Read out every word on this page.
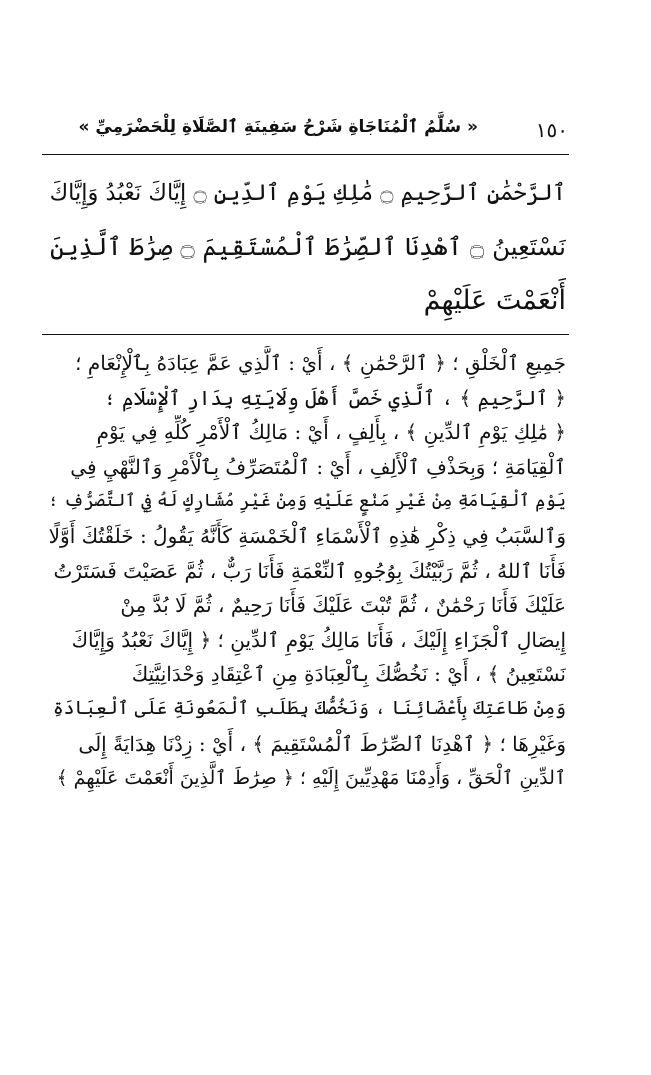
١٥٠
« سُلَّمُ ٱلْمُنَاجَاةِ شَرْحُ سَفِينَةِ ٱلصَّلَاةِ لِلْحَضْرَمِيِّ »
ٱلرَّحْمَٰنِ ٱلرَّحِيمِ ۝ مَٰلِكِ يَوْمِ ٱلدِّينِ ۝ إِيَّاكَ نَعْبُدُ وَإِيَّاكَ
نَسْتَعِينُ ۝ ٱهْدِنَا ٱلصِّرَٰطَ ٱلْمُسْتَقِيمَ ۝ صِرَٰطَ ٱلَّذِينَ
أَنْعَمْتَ عَلَيْهِمْ
جَمِيعِ ٱلْخَلْقِ ؛ ﴿ ٱلرَّحْمَٰنِ ﴾ ، أَيْ : ٱلَّذِي عَمَّ عِبَادَهُ بِٱلْإِنْعَامِ ؛
﴿ ٱلرَّحِيمِ ﴾ ، ٱلَّذِي خَصَّ أَهْلَ وِلَايَتِهِ بِدَارِ ٱلْإِسْلَامِ ؛
﴿ مَٰلِكِ يَوْمِ ٱلدِّينِ ﴾ ، بِأَلِفٍ ، أَيْ : مَالِكُ ٱلْأَمْرِ كُلِّهِ فِي يَوْمِ
ٱلْقِيَامَةِ ؛ وَبِحَذْفِ ٱلْأَلِفِ ، أَيْ : ٱلْمُتَصَرِّفُ بِٱلْأَمْرِ وَٱلنَّهْيِ فِي
يَوْمِ ٱلْقِيَامَةِ مِنْ غَيْرِ مَنْعٍ عَلَيْهِ وَمِنْ غَيْرِ مُشَارِكٍ لَهُ فِي ٱلتَّصَرُّفِ ؛
وَٱلسَّبَبُ فِي ذِكْرِ هَٰذِهِ ٱلْأَسْمَاءِ ٱلْخَمْسَةِ كَأَنَّهُ يَقُولُ : خَلَقْتُكَ أَوَّلًا
فَأَنَا ٱللهُ ، ثُمَّ رَبَّيْتُكَ بِوُجُوهِ ٱلنِّعْمَةِ فَأَنَا رَبٌّ ، ثُمَّ عَصَيْتَ فَسَتَرْتُ
عَلَيْكَ فَأَنَا رَحْمَٰنٌ ، ثُمَّ تُبْتَ عَلَيْكَ فَأَنَا رَحِيمٌ ، ثُمَّ لَا بُدَّ مِنْ
إِيصَالِ ٱلْجَزَاءِ إِلَيْكَ ، فَأَنَا مَالِكُ يَوْمِ ٱلدِّينِ ؛ ﴿ إِيَّاكَ نَعْبُدُ وَإِيَّاكَ
نَسْتَعِينُ ﴾ ، أَيْ : نَخُصُّكَ بِٱلْعِبَادَةِ مِنِ ٱعْتِقَادِ وَحْدَانِيَّتِكَ
وَمِنْ طَاعَتِكَ بِأَعْضَائِنَا ، وَنَخُصُّكَ بِطَلَبِ ٱلْمَعُونَةِ عَلَى ٱلْعِبَادَةِ
وَغَيْرِهَا ؛ ﴿ ٱهْدِنَا ٱلصِّرَٰطَ ٱلْمُسْتَقِيمَ ﴾ ، أَيْ : زِدْنَا هِدَايَةً إِلَى
ٱلدِّينِ ٱلْحَقِّ ، وَأَدِمْنَا مَهْدِيِّينَ إِلَيْهِ ؛ ﴿ صِرَٰطَ ٱلَّذِينَ أَنْعَمْتَ عَلَيْهِمْ ﴾
